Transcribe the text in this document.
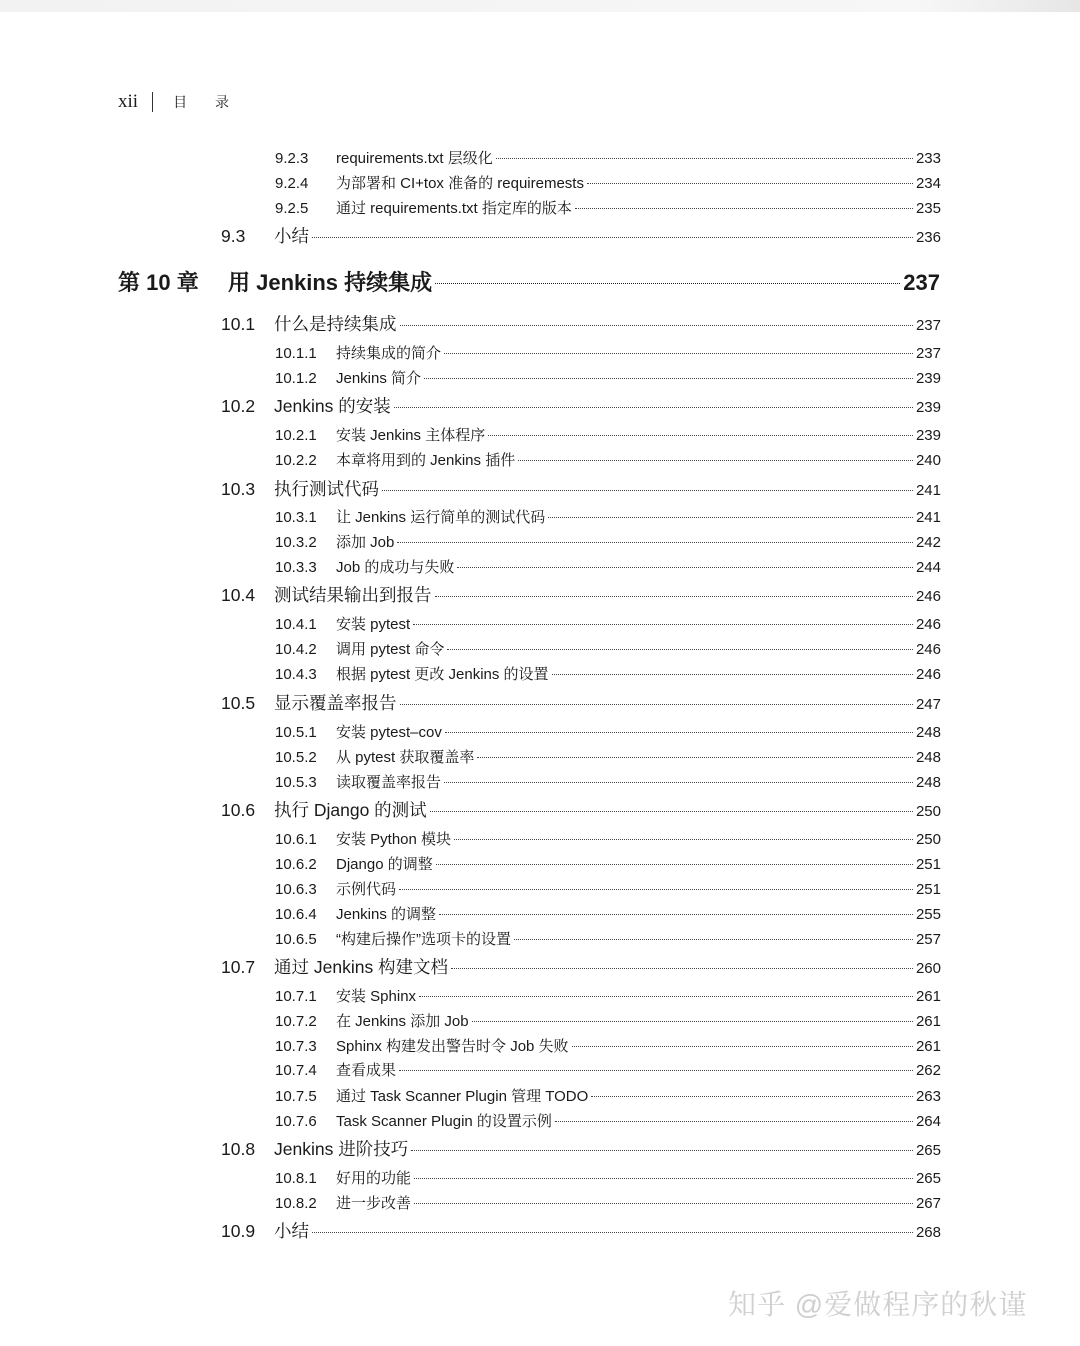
xii	目 录
9.2.3	requirements.txt 层级化	233
9.2.4	为部署和 CI+tox 准备的 requiremests	234
9.2.5	通过 requirements.txt 指定库的版本	235
9.3	小结	236
第 10 章	用 Jenkins 持续集成	237
10.1	什么是持续集成	237
10.1.1	持续集成的简介	237
10.1.2	Jenkins 简介	239
10.2	Jenkins 的安装	239
10.2.1	安装 Jenkins 主体程序	239
10.2.2	本章将用到的 Jenkins 插件	240
10.3	执行测试代码	241
10.3.1	让 Jenkins 运行简单的测试代码	241
10.3.2	添加 Job	242
10.3.3	Job 的成功与失败	244
10.4	测试结果输出到报告	246
10.4.1	安装 pytest	246
10.4.2	调用 pytest 命令	246
10.4.3	根据 pytest 更改 Jenkins 的设置	246
10.5	显示覆盖率报告	247
10.5.1	安装 pytest–cov	248
10.5.2	从 pytest 获取覆盖率	248
10.5.3	读取覆盖率报告	248
10.6	执行 Django 的测试	250
10.6.1	安装 Python 模块	250
10.6.2	Django 的调整	251
10.6.3	示例代码	251
10.6.4	Jenkins 的调整	255
10.6.5	“构建后操作”选项卡的设置	257
10.7	通过 Jenkins 构建文档	260
10.7.1	安装 Sphinx	261
10.7.2	在 Jenkins 添加 Job	261
10.7.3	Sphinx 构建发出警告时令 Job 失败	261
10.7.4	查看成果	262
10.7.5	通过 Task Scanner Plugin 管理 TODO	263
10.7.6	Task Scanner Plugin 的设置示例	264
10.8	Jenkins 进阶技巧	265
10.8.1	好用的功能	265
10.8.2	进一步改善	267
10.9	小结	268
知乎 @爱做程序的秋谨
